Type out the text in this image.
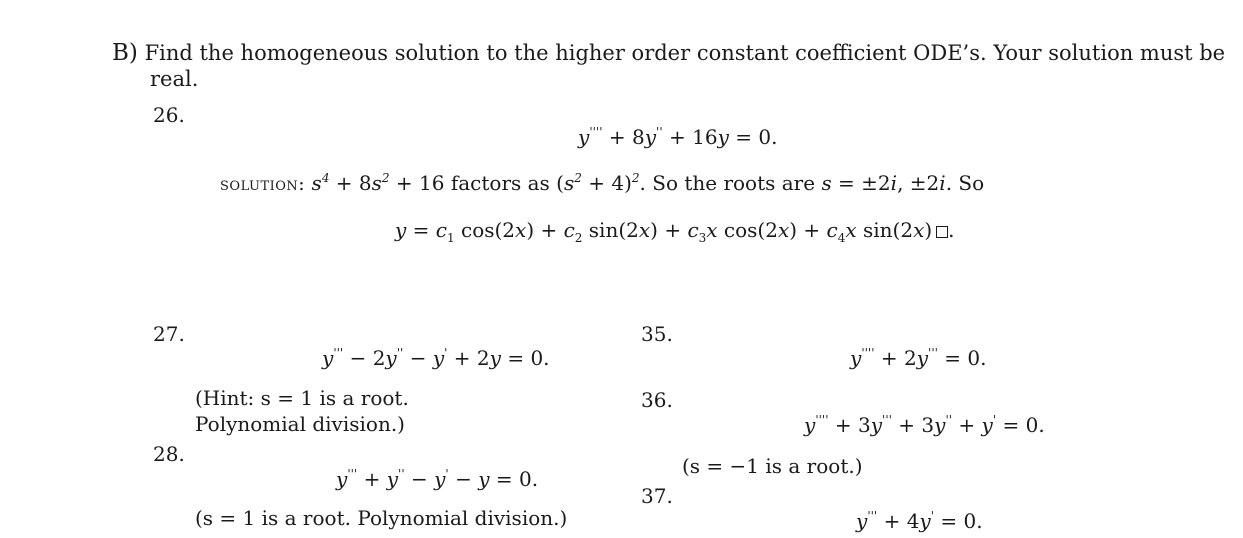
B) Find the homogeneous solution to the higher order constant coefficient ODE’s. Your solution must be
real.
26.
y'''' + 8y'' + 16y = 0.
solution: $s^4 + 8s^2 + 16$ factors as $(s^2 + 4)^2$. So the roots are s = ±2i, ±2i. So
$y = c_1$ $\cos(2x) + c_2$ $\sin(2x) + c_3x$ $\cos(2x) + c_4x$ sin(2x) .
27.
y''' − 2y'' − y' + 2y = 0.
(Hint: s = 1 is a root.
Polynomial division.)
28.
y''' + y'' − y' − y = 0.
(s = 1 is a root. Polynomial division.)
35.
y'''' + 2y''' = 0.
36.
y'''' + 3y''' + 3y'' + y' = 0.
(s = −1 is a root.)
37.
y''' + 4y' = 0.
